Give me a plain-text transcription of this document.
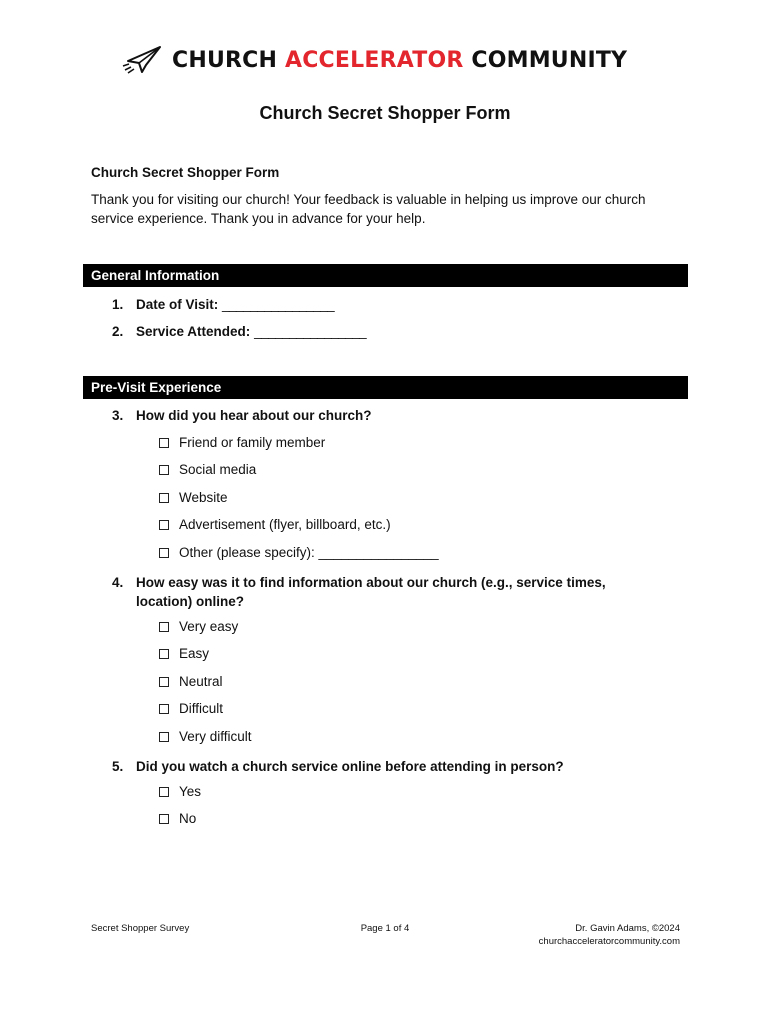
CHURCH ACCELERATOR COMMUNITY
Church Secret Shopper Form
Church Secret Shopper Form
Thank you for visiting our church! Your feedback is valuable in helping us improve our church service experience. Thank you in advance for your help.
General Information
1. Date of Visit: ________________
2. Service Attended: ________________
Pre-Visit Experience
3. How did you hear about our church?
Friend or family member
Social media
Website
Advertisement (flyer, billboard, etc.)
Other (please specify): ________________
4. How easy was it to find information about our church (e.g., service times, location) online?
Very easy
Easy
Neutral
Difficult
Very difficult
5. Did you watch a church service online before attending in person?
Yes
No
Secret Shopper Survey	Page 1 of 4	Dr. Gavin Adams, ©2024
churchacceleratorcommunity.com
